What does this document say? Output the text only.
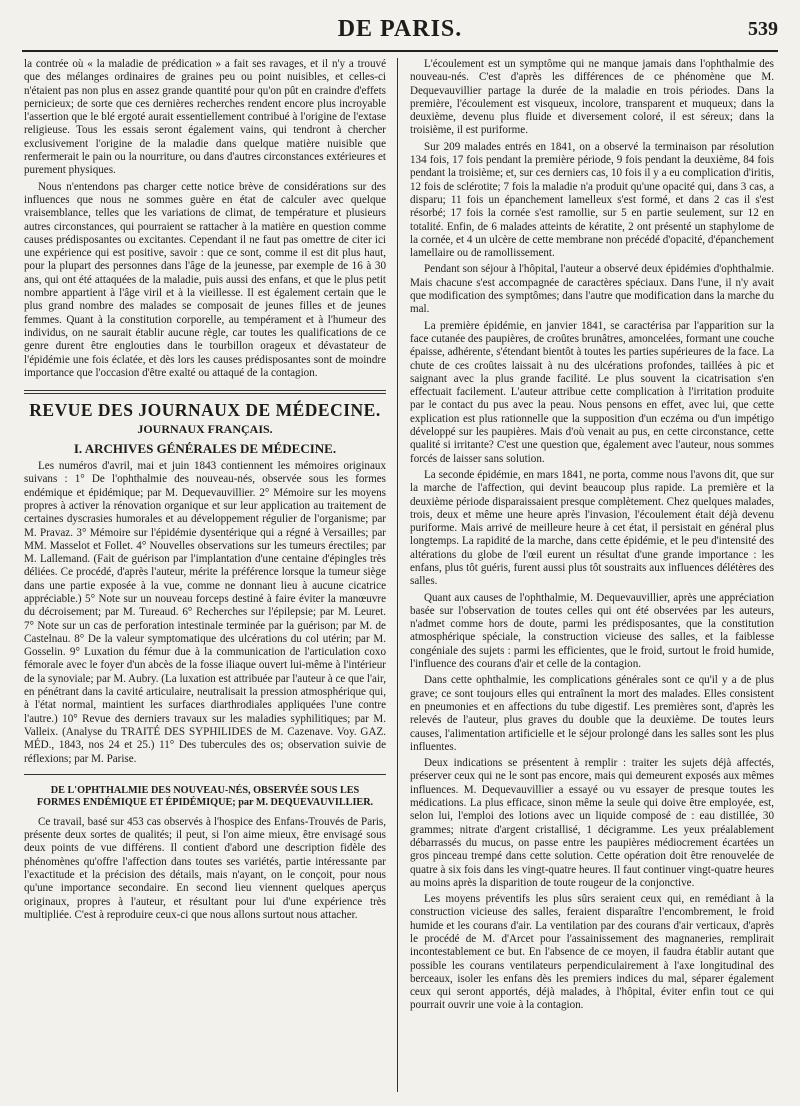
DE PARIS.	539

la contrée où « la maladie de prédication » a fait ses ravages, et il n'y a trouvé que des mélanges ordinaires de graines peu ou point nuisibles, et celles-ci n'étaient pas non plus en assez grande quantité pour qu'on pût en craindre d'effets pernicieux; de sorte que ces dernières recherches rendent encore plus incroyable l'assertion que le blé ergoté aurait essentiellement contribué à l'origine de l'extase religieuse. Tous les essais seront également vains, qui tendront à chercher exclusivement l'origine de la maladie dans quelque matière nuisible que renfermerait le pain ou la nourriture, ou dans d'autres circonstances extérieures et purement physiques.

Nous n'entendons pas charger cette notice brève de considérations sur des influences que nous ne sommes guère en état de calculer avec quelque vraisemblance, telles que les variations de climat, de température et plusieurs autres circonstances, qui pourraient se rattacher à la matière en question comme causes prédisposantes ou excitantes. Cependant il ne faut pas omettre de citer ici une expérience qui est positive, savoir : que ce sont, comme il est dit plus haut, pour la plupart des personnes dans l'âge de la jeunesse, par exemple de 16 à 30 ans, qui ont été attaquées de la maladie, puis aussi des enfans, et que le plus petit nombre appartient à l'âge viril et à la vieillesse. Il est également certain que le plus grand nombre des malades se composait de jeunes filles et de jeunes femmes. Quant à la constitution corporelle, au tempérament et à l'humeur des individus, on ne saurait établir aucune règle, car toutes les qualifications de ce genre durent être englouties dans le tourbillon orageux et dévastateur de l'épidémie une fois éclatée, et dès lors les causes prédisposantes sont de moindre importance que l'occasion d'être exalté ou attaqué de la contagion.

REVUE DES JOURNAUX DE MÉDECINE.
JOURNAUX FRANÇAIS.
I. ARCHIVES GÉNÉRALES DE MÉDECINE.

Les numéros d'avril, mai et juin 1843 contiennent les mémoires originaux suivans : 1° De l'ophthalmie des nouveau-nés, observée sous les formes endémique et épidémique; par M. Dequevauvillier. 2° Mémoire sur les moyens propres à activer la rénovation organique et sur leur application au traitement de certaines dyscrasies humorales et au développement régulier de l'organisme; par M. Pravaz. 3° Mémoire sur l'épidémie dysentérique qui a régné à Versailles; par MM. Masselot et Follet. 4° Nouvelles observations sur les tumeurs érectiles; par M. Lallemand. (Fait de guérison par l'implantation d'une centaine d'épingles très déliées. Ce procédé, d'après l'auteur, mérite la préférence lorsque la tumeur siège dans une partie exposée à la vue, comme ne donnant lieu à aucune cicatrice appréciable.) 5° Note sur un nouveau forceps destiné à faire éviter la manœuvre du décroisement; par M. Tureaud. 6° Recherches sur l'épilepsie; par M. Leuret. 7° Note sur un cas de perforation intestinale terminée par la guérison; par M. de Castelnau. 8° De la valeur symptomatique des ulcérations du col utérin; par M. Gosselin. 9° Luxation du fémur due à la communication de l'articulation coxo fémorale avec le foyer d'un abcès de la fosse iliaque ouvert lui-même à l'intérieur de la synoviale; par M. Aubry. (La luxation est attribuée par l'auteur à ce que l'air, en pénétrant dans la cavité articulaire, neutralisait la pression atmosphérique qui, à l'état normal, maintient les surfaces diarthrodiales appliquées l'une contre l'autre.) 10° Revue des derniers travaux sur les maladies syphilitiques; par M. Valleix. (Analyse du TRAITÉ DES SYPHILIDES de M. Cazenave. Voy. GAZ. MÉD., 1843, nos 24 et 25.) 11° Des tubercules des os; observation suivie de réflexions; par M. Parise.

DE L'OPHTHALMIE DES NOUVEAU-NÉS, OBSERVÉE SOUS LES FORMES ENDÉMIQUE ET ÉPIDÉMIQUE; par M. DEQUEVAUVILLIER.

Ce travail, basé sur 453 cas observés à l'hospice des Enfans-Trouvés de Paris, présente deux sortes de qualités; il peut, si l'on aime mieux, être envisagé sous deux points de vue différens. Il contient d'abord une description fidèle des phénomènes qu'offre l'affection dans toutes ses variétés, partie intéressante par l'exactitude et la précision des détails, mais n'ayant, on le conçoit, pour nous qu'une importance secondaire. En second lieu viennent quelques aperçus originaux, propres à l'auteur, et résultant pour lui d'une expérience très multipliée. C'est à reproduire ceux-ci que nous allons surtout nous attacher.

L'écoulement est un symptôme qui ne manque jamais dans l'ophthalmie des nouveau-nés. C'est d'après les différences de ce phénomène que M. Dequevauvillier partage la durée de la maladie en trois périodes. Dans la première, l'écoulement est visqueux, incolore, transparent et muqueux; dans la deuxième, devenu plus fluide et diversement coloré, il est séreux; dans la troisième, il est puriforme.

Sur 209 malades entrés en 1841, on a observé la terminaison par résolution 134 fois, 17 fois pendant la première période, 9 fois pendant la deuxième, 84 fois pendant la troisième; et, sur ces derniers cas, 10 fois il y a eu complication d'iritis, 12 fois de sclérotite; 7 fois la maladie n'a produit qu'une opacité qui, dans 3 cas, a disparu; 11 fois un épanchement lamelleux s'est formé, et dans 2 cas il s'est résorbé; 17 fois la cornée s'est ramollie, sur 5 en partie seulement, sur 12 en totalité. Enfin, de 6 malades atteints de kératite, 2 ont présenté un staphylome de la cornée, et 4 un ulcère de cette membrane non précédé d'opacité, d'épanchement lamellaire ou de ramollissement.

Pendant son séjour à l'hôpital, l'auteur a observé deux épidémies d'ophthalmie. Mais chacune s'est accompagnée de caractères spéciaux. Dans l'une, il n'y avait que modification des symptômes; dans l'autre que modification dans la marche du mal.

La première épidémie, en janvier 1841, se caractérisa par l'apparition sur la face cutanée des paupières, de croûtes brunâtres, amoncelées, formant une couche épaisse, adhérente, s'étendant bientôt à toutes les parties supérieures de la face. La chute de ces croûtes laissait à nu des ulcérations profondes, taillées à pic et saignant avec la plus grande facilité. Le plus souvent la cicatrisation s'en effectuait facilement. L'auteur attribue cette complication à l'irritation produite par le contact du pus avec la peau. Nous pensons en effet, avec lui, que cette explication est plus rationnelle que la supposition d'un eczéma ou d'un impétigo développé sur les paupières. Mais d'où venait au pus, en cette circonstance, cette qualité si irritante? C'est une question que, également avec l'auteur, nous sommes forcés de laisser sans solution.

La seconde épidémie, en mars 1841, ne porta, comme nous l'avons dit, que sur la marche de l'affection, qui devint beaucoup plus rapide. La première et la deuxième période disparaissaient presque complètement. Chez quelques malades, trois, deux et même une heure après l'invasion, l'écoulement était déjà devenu puriforme. Mais arrivé de meilleure heure à cet état, il persistait en général plus longtemps. La rapidité de la marche, dans cette épidémie, et le peu d'intensité des altérations du globe de l'œil eurent un résultat d'une grande importance : les enfans, plus tôt guéris, furent aussi plus tôt soustraits aux influences délétères des salles.

Quant aux causes de l'ophthalmie, M. Dequevauvillier, après une appréciation basée sur l'observation de toutes celles qui ont été observées par les auteurs, n'admet comme hors de doute, parmi les prédisposantes, que la constitution atmosphérique spéciale, la construction vicieuse des salles, et la faiblesse congéniale des sujets : parmi les efficientes, que le froid, surtout le froid humide, l'influence des courans d'air et celle de la contagion.

Dans cette ophthalmie, les complications générales sont ce qu'il y a de plus grave; ce sont toujours elles qui entraînent la mort des malades. Elles consistent en pneumonies et en affections du tube digestif. Les premières sont, d'après les relevés de l'auteur, plus graves du double que la deuxième. De toutes leurs causes, l'alimentation artificielle et le séjour prolongé dans les salles sont les plus influentes.

Deux indications se présentent à remplir : traiter les sujets déjà affectés, préserver ceux qui ne le sont pas encore, mais qui demeurent exposés aux mêmes influences. M. Dequevauvillier a essayé ou vu essayer de presque toutes les médications. La plus efficace, sinon même la seule qui doive être employée, est, selon lui, l'emploi des lotions avec un liquide composé de : eau distillée, 30 grammes; nitrate d'argent cristallisé, 1 décigramme. Les yeux préalablement débarrassés du mucus, on passe entre les paupières médiocrement écartées un gros pinceau trempé dans cette solution. Cette opération doit être renouvelée de quatre à six fois dans les vingt-quatre heures. Il faut continuer vingt-quatre heures au moins après la disparition de toute rougeur de la conjonctive.

Les moyens préventifs les plus sûrs seraient ceux qui, en remédiant à la construction vicieuse des salles, feraient disparaître l'encombrement, le froid humide et les courans d'air. La ventilation par des courans d'air verticaux, d'après le procédé de M. d'Arcet pour l'assainissement des magnaneries, remplirait incontestablement ce but. En l'absence de ce moyen, il faudra établir autant que possible les courans ventilateurs perpendiculairement à l'axe longitudinal des berceaux, isoler les enfans dès les premiers indices du mal, séparer également ceux qui seront apportés, déjà malades, à l'hôpital, éviter enfin tout ce qui pourrait ouvrir une voie à la contagion.
